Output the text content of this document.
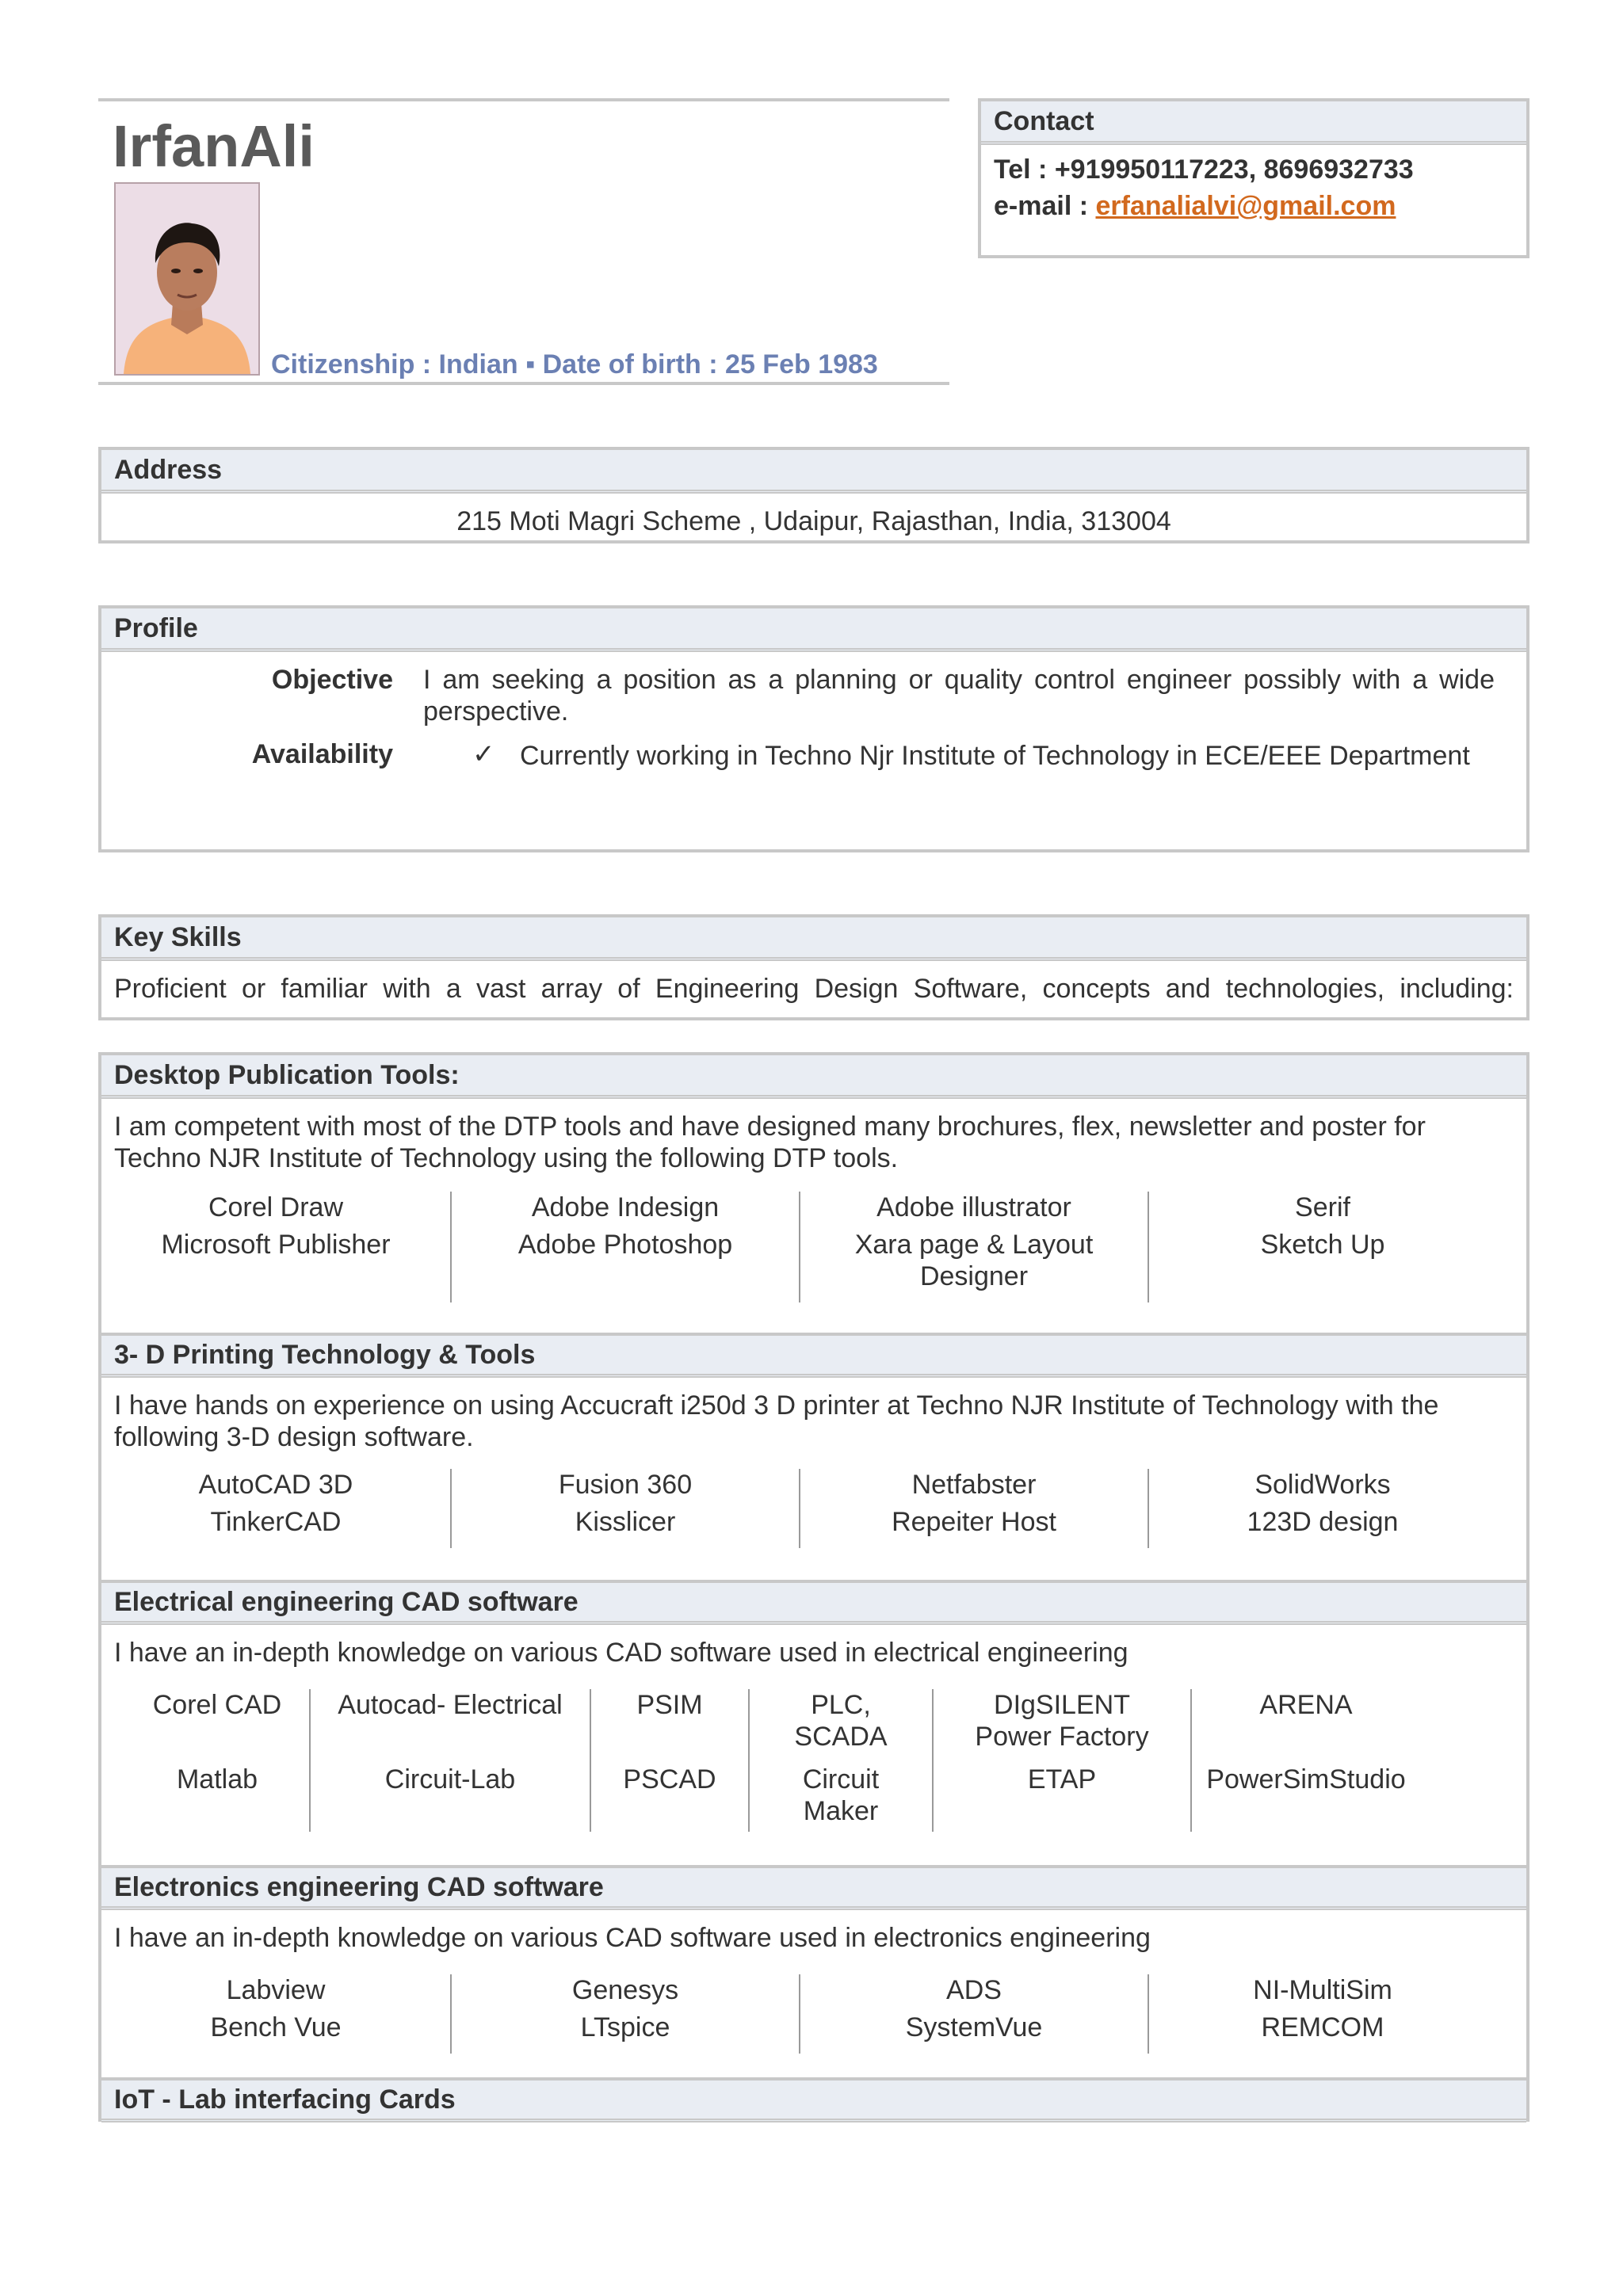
IrfanAli
Citizenship : Indian ▪ Date of birth : 25 Feb 1983
Contact
Tel : +919950117223, 8696932733
e-mail : erfanalialvi@gmail.com
Address
215 Moti Magri Scheme , Udaipur, Rajasthan, India, 313004
Profile
Objective I am seeking a position as a planning or quality control engineer possibly with a wide perspective.
Availability	✓ Currently working in Techno Njr Institute of Technology in ECE/EEE Department
Key Skills
Proficient or familiar with a vast array of Engineering Design Software, concepts and technologies, including:
Desktop Publication Tools:
I am competent with most of the DTP tools and have designed many brochures, flex, newsletter and poster for Techno NJR Institute of Technology using the following DTP tools.
Corel Draw
Microsoft Publisher
Adobe Indesign
Adobe Photoshop
Adobe illustrator
Xara page & Layout Designer
Serif
Sketch Up
3- D Printing Technology & Tools
I have hands on experience on using Accucraft i250d 3 D printer at Techno NJR Institute of Technology with the following 3-D design software.
AutoCAD 3D
TinkerCAD
Fusion 360
Kisslicer
Netfabster
Repeiter Host
SolidWorks
123D design
Electrical engineering CAD software
I have an in-depth knowledge on various CAD software used in electrical engineering
Corel CAD
Matlab
Autocad- Electrical
Circuit-Lab
PSIM
PSCAD
PLC, SCADA
Circuit Maker
DIgSILENT Power Factory
ETAP
ARENA
PowerSimStudio
Electronics engineering CAD software
I have an in-depth knowledge on various CAD software used in electronics engineering
Labview
Bench Vue
Genesys
LTspice
ADS
SystemVue
NI-MultiSim
REMCOM
IoT - Lab interfacing Cards
